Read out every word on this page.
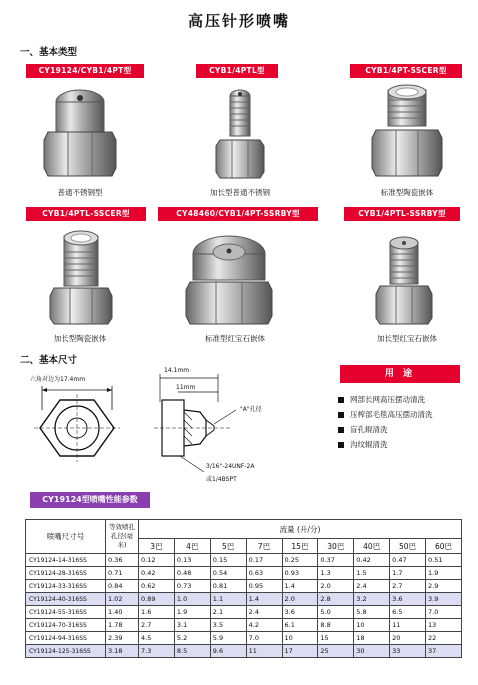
高压针形喷嘴
一、基本类型
CY19124/CYB1/4PT型	CYB1/4PTL型	CYB1/4PT-SSCER型
普通不锈钢型	加长型普通不锈钢	标准型陶瓷嵌体
CYB1/4PTL-SSCER型	CY48460/CYB1/4PT-SSRBY型	CYB1/4PTL-SSRBY型
加长型陶瓷嵌体	标准型红宝石嵌体	加长型红宝石嵌体
二、基本尺寸
六角对边为17.4mm
14.1mm
11mm
"A"孔径
3/16"-24UNF-2A
或1/4BSPT
用 途
网部长网高压摆动清洗
压榨部毛毯高压摆动清洗
盲孔辊清洗
沟纹辊清洗
CY19124型喷嘴性能参数
喷嘴尺寸号	等效喷孔孔径(毫米)	流量 (升/分)								
		3巴	4巴	5巴	7巴	15巴	30巴	40巴	50巴	60巴
CY19124-14-316SS	0.36	0.12	0.13	0.15	0.17	0.25	0.37	0.42	0.47	0.51
CY19124-28-316SS	0.71	0.42	0.48	0.54	0.63	0.93	1.3	1.5	1.7	1.9
CY19124-33-316SS	0.84	0.62	0.73	0.81	0.95	1.4	2.0	2.4	2.7	2.9
CY19124-40-316SS	1.02	0.89	1.0	1.1	1.4	2.0	2.8	3.2	3.6	3.9
CY19124-55-316SS	1.40	1.6	1.9	2.1	2.4	3.6	5.0	5.8	6.5	7.0
CY19124-70-316SS	1.78	2.7	3.1	3.5	4.2	6.1	8.8	10	11	13
CY19124-94-316SS	2.39	4.5	5.2	5.9	7.0	10	15	18	20	22
CY19124-125-316SS	3.18	7.3	8.5	9.6	11	17	25	30	33	37
